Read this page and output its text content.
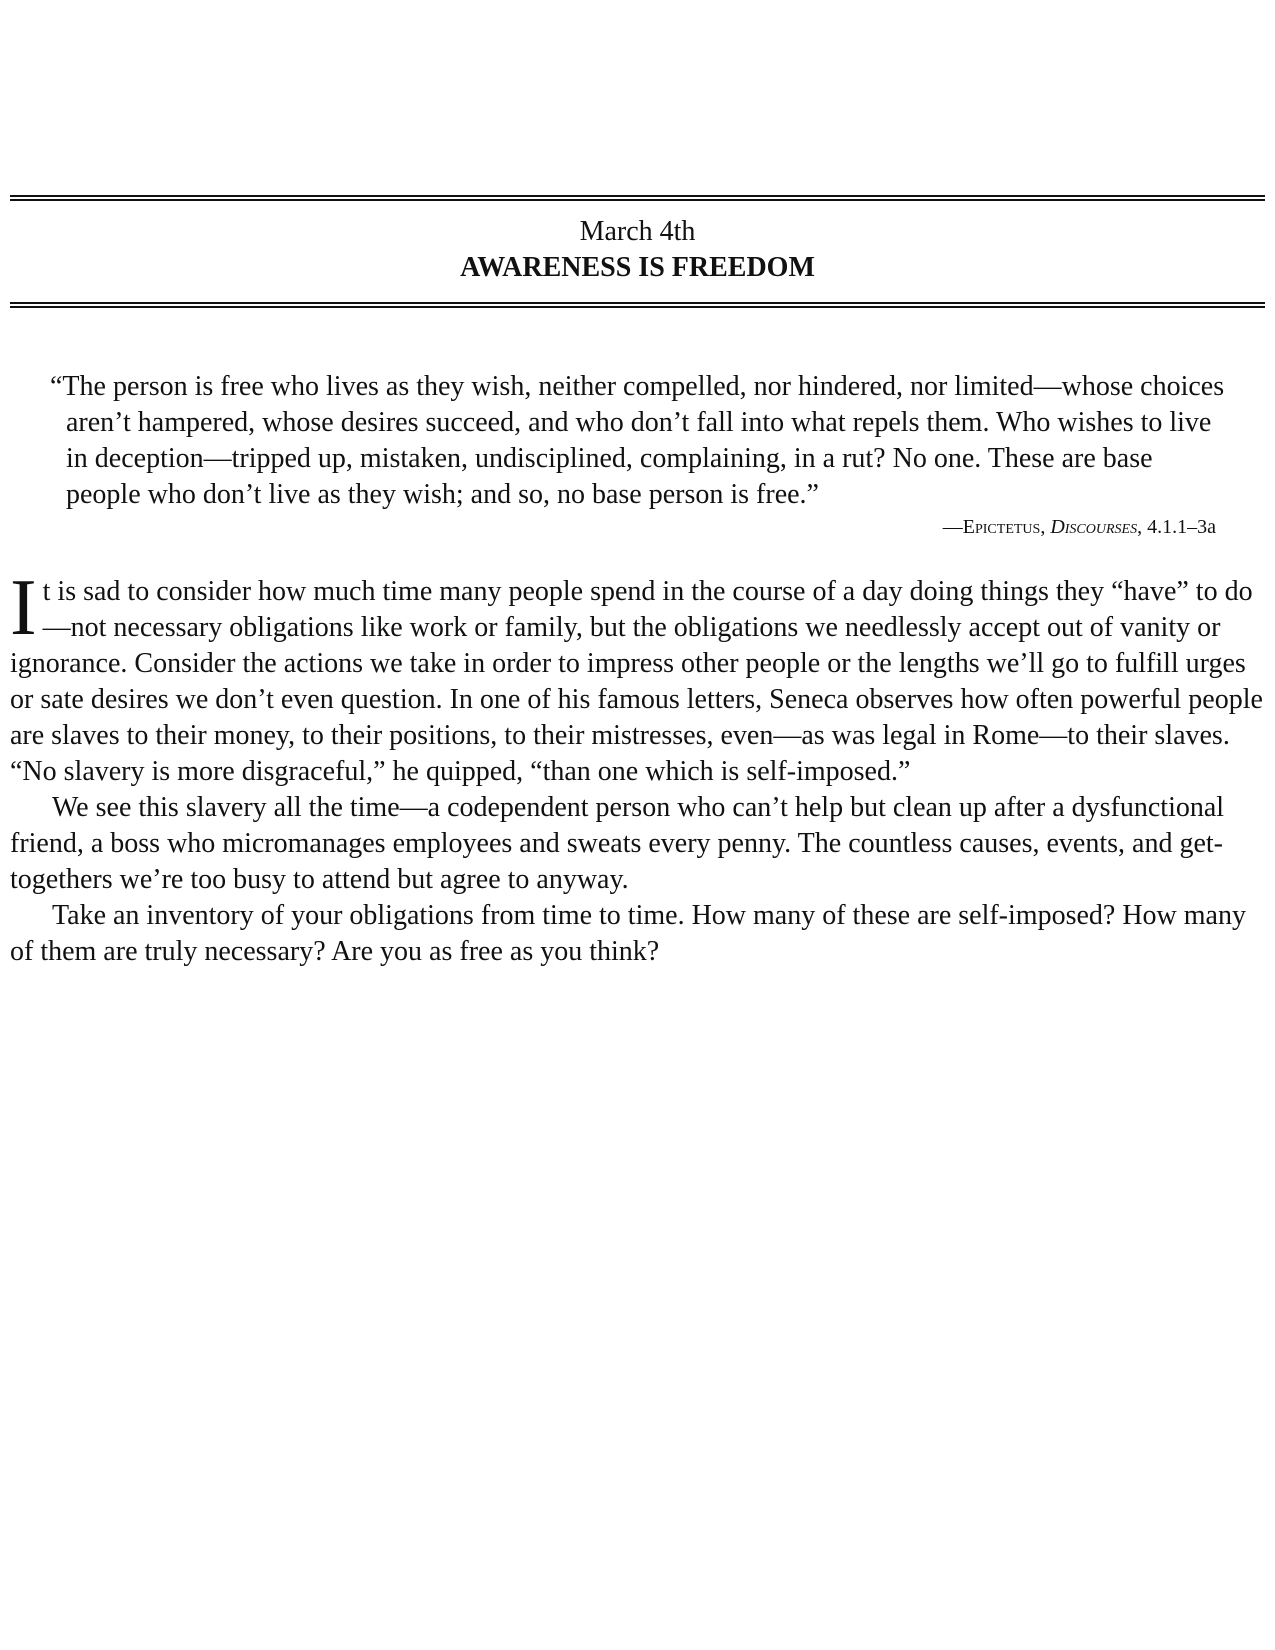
March 4th
AWARENESS IS FREEDOM

“The person is free who lives as they wish, neither compelled, nor hindered, nor limited—whose choices aren’t hampered, whose desires succeed, and who don’t fall into what repels them. Who wishes to live in deception—tripped up, mistaken, undisciplined, complaining, in a rut? No one. These are base people who don’t live as they wish; and so, no base person is free.”

—Epictetus, Discourses, 4.1.1–3a

It is sad to consider how much time many people spend in the course of a day doing things they “have” to do—not necessary obligations like work or family, but the obligations we needlessly accept out of vanity or ignorance. Consider the actions we take in order to impress other people or the lengths we’ll go to fulfill urges or sate desires we don’t even question. In one of his famous letters, Seneca observes how often powerful people are slaves to their money, to their positions, to their mistresses, even—as was legal in Rome—to their slaves. “No slavery is more disgraceful,” he quipped, “than one which is self-imposed.”

We see this slavery all the time—a codependent person who can’t help but clean up after a dysfunctional friend, a boss who micromanages employees and sweats every penny. The countless causes, events, and get-togethers we’re too busy to attend but agree to anyway.

Take an inventory of your obligations from time to time. How many of these are self-imposed? How many of them are truly necessary? Are you as free as you think?
